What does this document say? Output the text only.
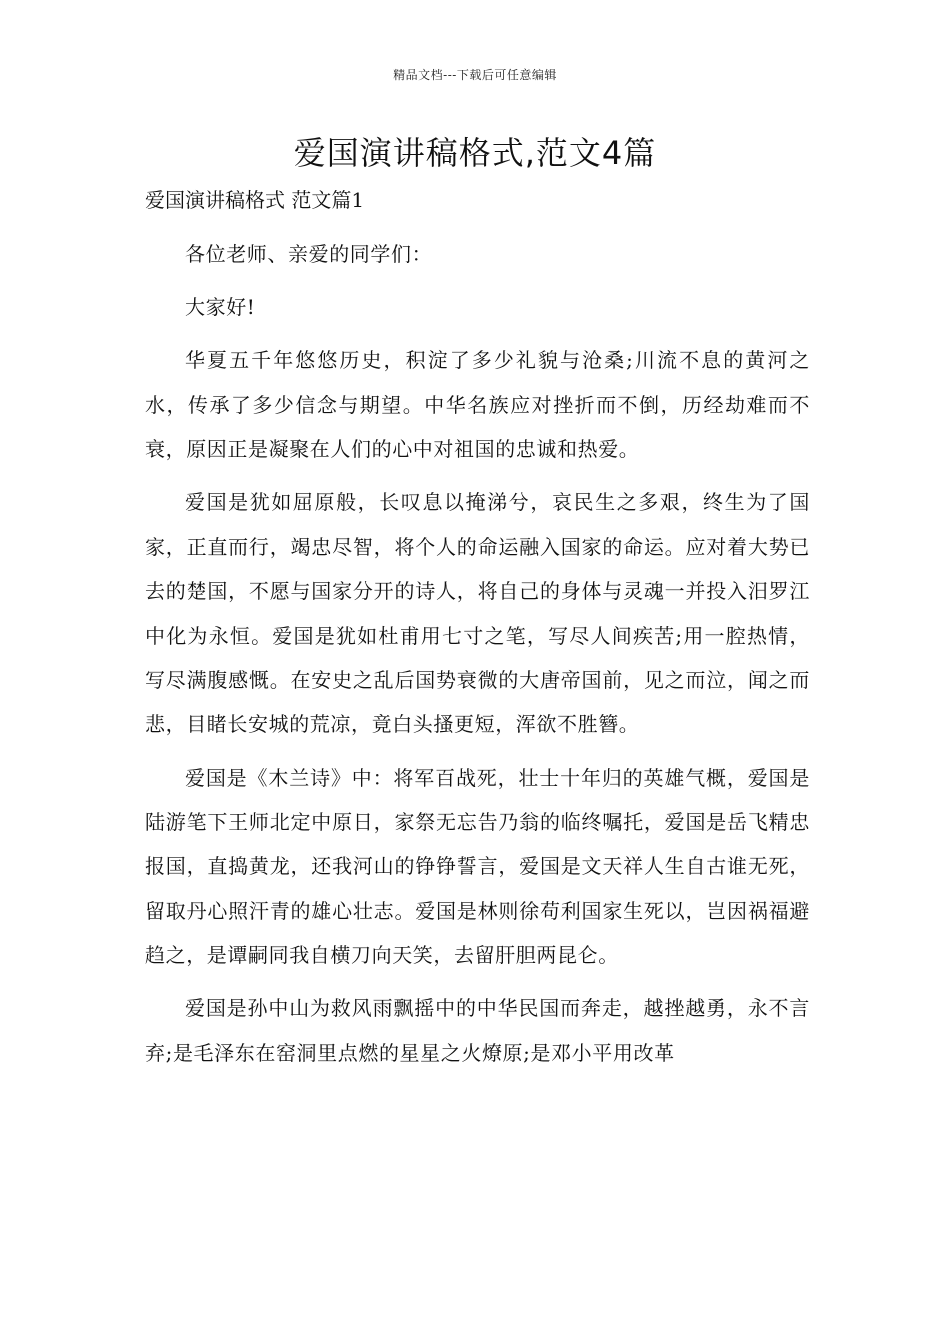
精品文档---下载后可任意编辑
爱国演讲稿格式,范文4篇

爱国演讲稿格式 范文篇1

各位老师、亲爱的同学们：

大家好!

华夏五千年悠悠历史，积淀了多少礼貌与沧桑;川流不息的黄河之水，传承了多少信念与期望。中华名族应对挫折而不倒，历经劫难而不衰，原因正是凝聚在人们的心中对祖国的忠诚和热爱。

爱国是犹如屈原般，长叹息以掩涕兮，哀民生之多艰，终生为了国家，正直而行，竭忠尽智，将个人的命运融入国家的命运。应对着大势已去的楚国，不愿与国家分开的诗人，将自己的身体与灵魂一并投入汨罗江中化为永恒。爱国是犹如杜甫用七寸之笔，写尽人间疾苦;用一腔热情，写尽满腹感慨。在安史之乱后国势衰微的大唐帝国前，见之而泣，闻之而悲，目睹长安城的荒凉，竟白头搔更短，浑欲不胜簪。

爱国是《木兰诗》中：将军百战死，壮士十年归的英雄气概，爱国是陆游笔下王师北定中原日，家祭无忘告乃翁的临终嘱托，爱国是岳飞精忠报国，直捣黄龙，还我河山的铮铮誓言，爱国是文天祥人生自古谁无死，留取丹心照汗青的雄心壮志。爱国是林则徐苟利国家生死以，岂因祸福避趋之，是谭嗣同我自横刀向天笑，去留肝胆两昆仑。

爱国是孙中山为救风雨飘摇中的中华民国而奔走，越挫越勇，永不言弃;是毛泽东在窑洞里点燃的星星之火燎原;是邓小平用改革
